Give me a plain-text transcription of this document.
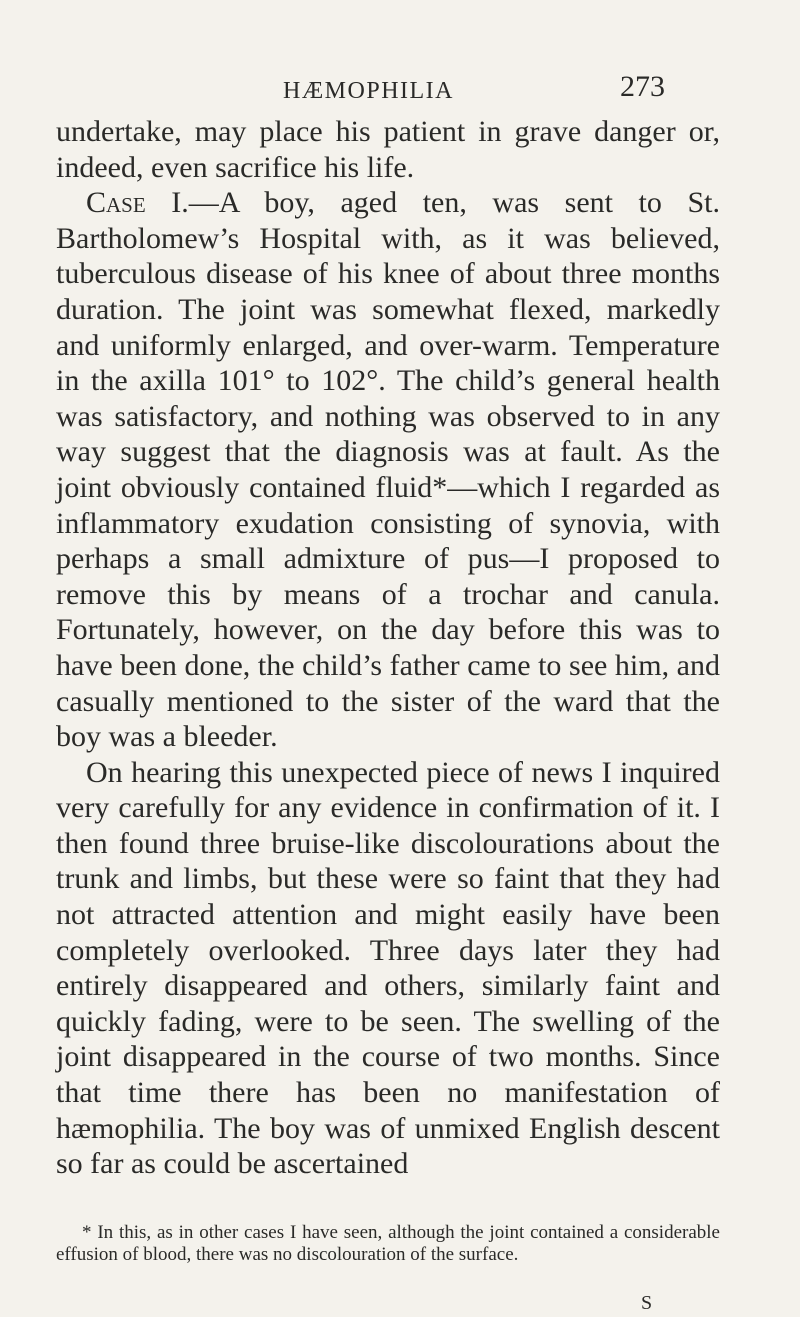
HÆMOPHILIA	273

undertake, may place his patient in grave danger or, indeed, even sacrifice his life.

Case I.—A boy, aged ten, was sent to St. Bartholomew’s Hospital with, as it was believed, tuberculous disease of his knee of about three months duration. The joint was somewhat flexed, markedly and uniformly enlarged, and over-warm. Temperature in the axilla 101° to 102°. The child’s general health was satisfactory, and nothing was observed to in any way suggest that the diagnosis was at fault. As the joint obviously contained fluid*—which I regarded as inflammatory exudation consisting of synovia, with perhaps a small admixture of pus—I proposed to remove this by means of a trochar and canula. Fortunately, however, on the day before this was to have been done, the child’s father came to see him, and casually mentioned to the sister of the ward that the boy was a bleeder.

On hearing this unexpected piece of news I inquired very carefully for any evidence in confirmation of it. I then found three bruise-like discolourations about the trunk and limbs, but these were so faint that they had not attracted attention and might easily have been completely overlooked. Three days later they had entirely disappeared and others, similarly faint and quickly fading, were to be seen. The swelling of the joint disappeared in the course of two months. Since that time there has been no manifestation of hæmophilia. The boy was of unmixed English descent so far as could be ascertained

* In this, as in other cases I have seen, although the joint contained a considerable effusion of blood, there was no discolouration of the surface.
S
